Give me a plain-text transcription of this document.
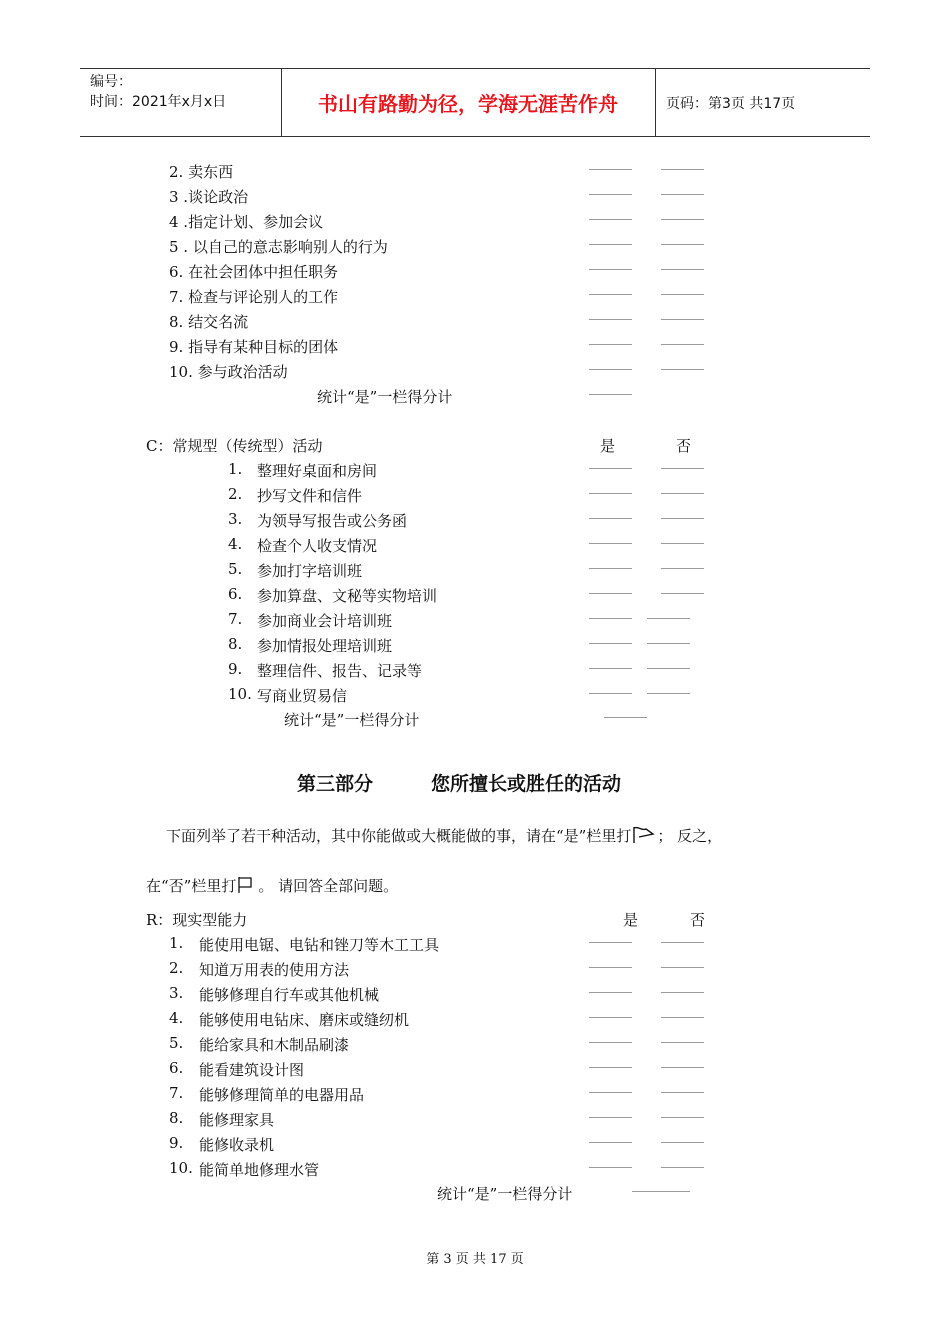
编号：
时间：2021年x月x日	书山有路勤为径，学海无涯苦作舟	页码：第3页 共17页
2. 卖东西
3 .谈论政治
4 .指定计划、参加会议
5 . 以自己的意志影响别人的行为
6. 在社会团体中担任职务
7. 检查与评论别人的工作
8. 结交名流
9. 指导有某种目标的团体
10. 参与政治活动
统计“是”一栏得分计
C：常规型（传统型）活动	是	否
1. 整理好桌面和房间
2. 抄写文件和信件
3. 为领导写报告或公务函
4. 检查个人收支情况
5. 参加打字培训班
6. 参加算盘、文秘等实物培训
7. 参加商业会计培训班
8. 参加情报处理培训班
9. 整理信件、报告、记录等
10. 写商业贸易信
统计“是”一栏得分计
第三部分	您所擅长或胜任的活动
下面列举了若干种活动，其中你能做或大概能做的事，请在“是”栏里打 ； 反之，
在“否”栏里打 。 请回答全部问题。
R：现实型能力	是	否
1. 能使用电锯、电钻和锉刀等木工工具
2. 知道万用表的使用方法
3. 能够修理自行车或其他机械
4. 能够使用电钻床、磨床或缝纫机
5. 能给家具和木制品刷漆
6. 能看建筑设计图
7. 能够修理简单的电器用品
8. 能修理家具
9. 能修收录机
10. 能简单地修理水管
统计“是”一栏得分计
第 3 页 共 17 页
